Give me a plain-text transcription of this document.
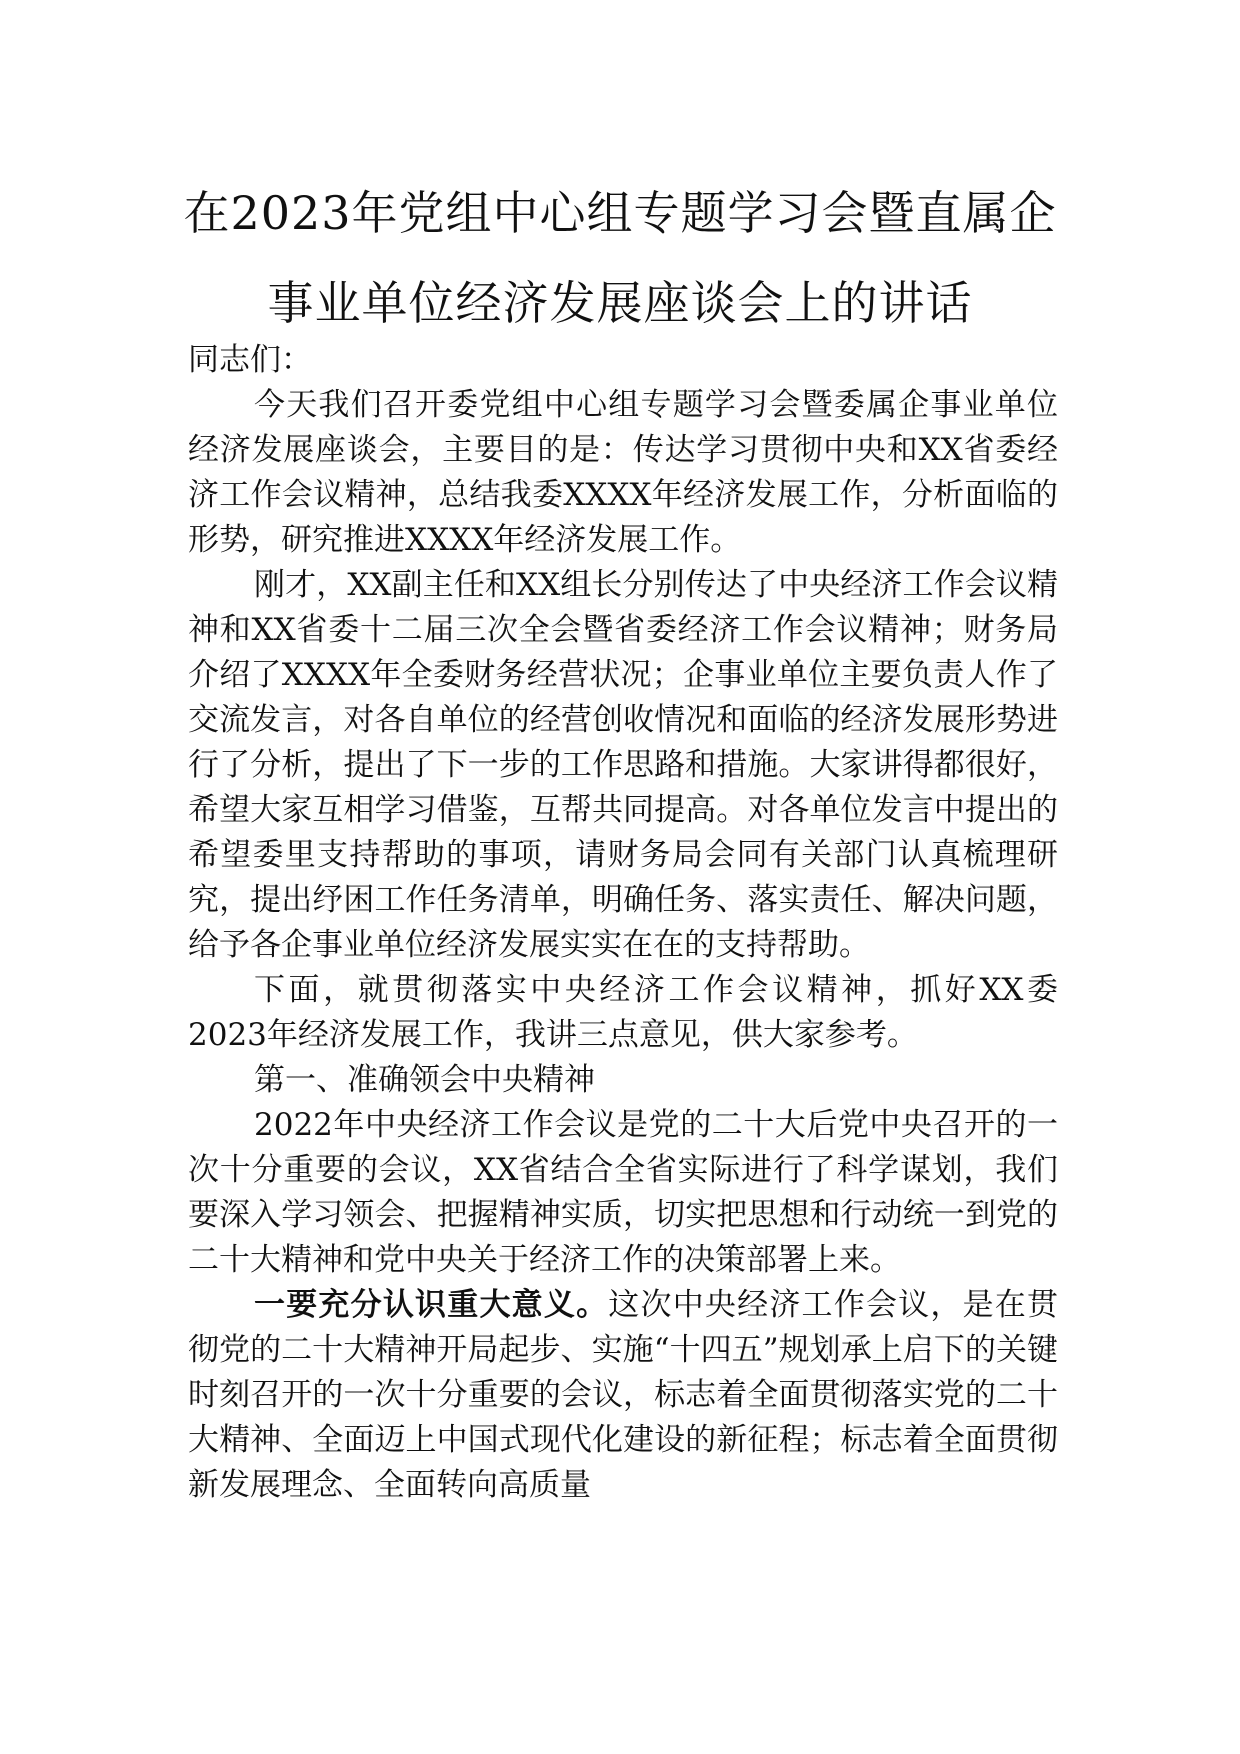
在2023年党组中心组专题学习会暨直属企
事业单位经济发展座谈会上的讲话

同志们：

今天我们召开委党组中心组专题学习会暨委属企事业单位经济发展座谈会，主要目的是：传达学习贯彻中央和XX省委经济工作会议精神，总结我委XXXX年经济发展工作，分析面临的形势，研究推进XXXX年经济发展工作。

刚才，XX副主任和XX组长分别传达了中央经济工作会议精神和XX省委十二届三次全会暨省委经济工作会议精神；财务局介绍了XXXX年全委财务经营状况；企事业单位主要负责人作了交流发言，对各自单位的经营创收情况和面临的经济发展形势进行了分析，提出了下一步的工作思路和措施。大家讲得都很好，希望大家互相学习借鉴，互帮共同提高。对各单位发言中提出的希望委里支持帮助的事项，请财务局会同有关部门认真梳理研究，提出纾困工作任务清单，明确任务、落实责任、解决问题，给予各企事业单位经济发展实实在在的支持帮助。

下面，就贯彻落实中央经济工作会议精神，抓好XX委2023年经济发展工作，我讲三点意见，供大家参考。

第一、准确领会中央精神

2022年中央经济工作会议是党的二十大后党中央召开的一次十分重要的会议，XX省结合全省实际进行了科学谋划，我们要深入学习领会、把握精神实质，切实把思想和行动统一到党的二十大精神和党中央关于经济工作的决策部署上来。

一要充分认识重大意义。这次中央经济工作会议，是在贯彻党的二十大精神开局起步、实施“十四五”规划承上启下的关键时刻召开的一次十分重要的会议，标志着全面贯彻落实党的二十大精神、全面迈上中国式现代化建设的新征程；标志着全面贯彻新发展理念、全面转向高质量
